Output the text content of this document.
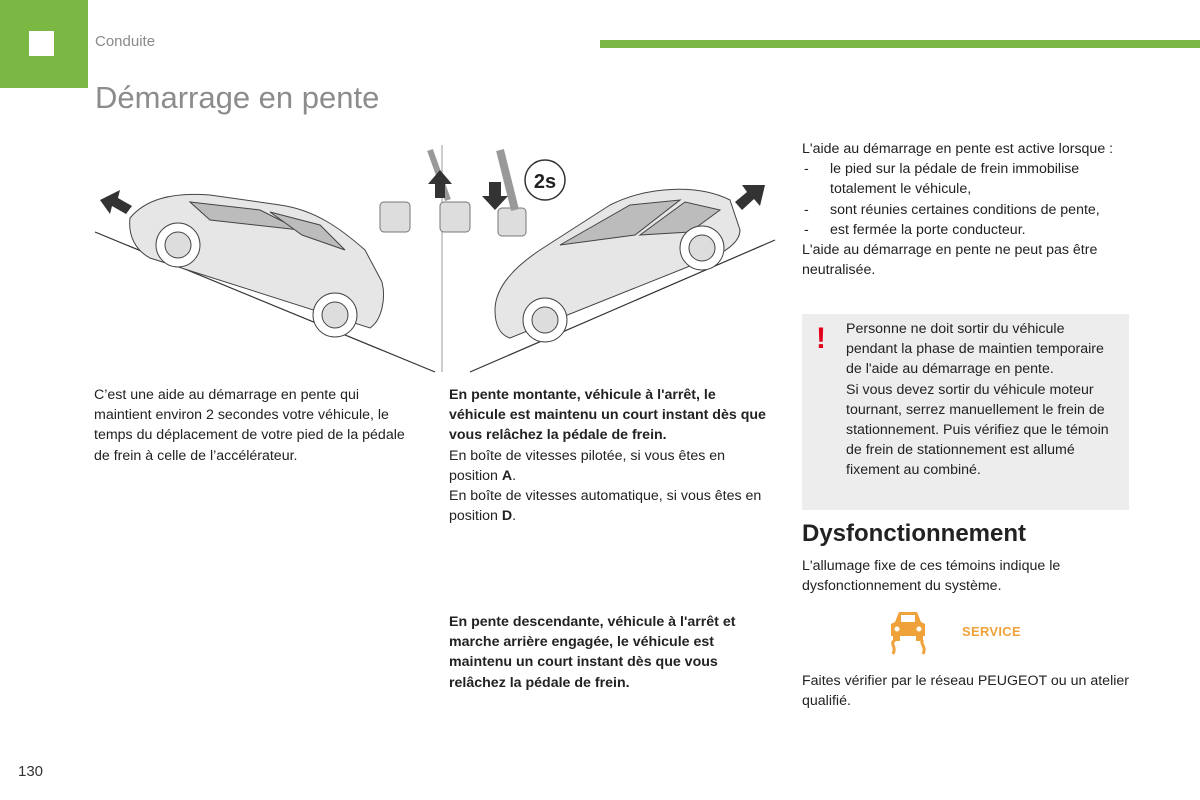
Conduite
Démarrage en pente
2s
C’est une aide au démarrage en pente qui maintient environ 2 secondes votre véhicule, le temps du déplacement de votre pied de la pédale de frein à celle de l’accélérateur.
En pente montante, véhicule à l'arrêt, le véhicule est maintenu un court instant dès que vous relâchez la pédale de frein.
En boîte de vitesses pilotée, si vous êtes en position A.
En boîte de vitesses automatique, si vous êtes en position D.
En pente descendante, véhicule à l'arrêt et marche arrière engagée, le véhicule est maintenu un court instant dès que vous relâchez la pédale de frein.
L'aide au démarrage en pente est active lorsque :
- le pied sur la pédale de frein immobilise totalement le véhicule,
- sont réunies certaines conditions de pente,
- est fermée la porte conducteur.
L'aide au démarrage en pente ne peut pas être neutralisée.
! Personne ne doit sortir du véhicule pendant la phase de maintien temporaire de l'aide au démarrage en pente.
Si vous devez sortir du véhicule moteur tournant, serrez manuellement le frein de stationnement. Puis vérifiez que le témoin de frein de stationnement est allumé fixement au combiné.
Dysfonctionnement
L'allumage fixe de ces témoins indique le dysfonctionnement du système.
SERVICE
Faites vérifier par le réseau PEUGEOT ou un atelier qualifié.
130
